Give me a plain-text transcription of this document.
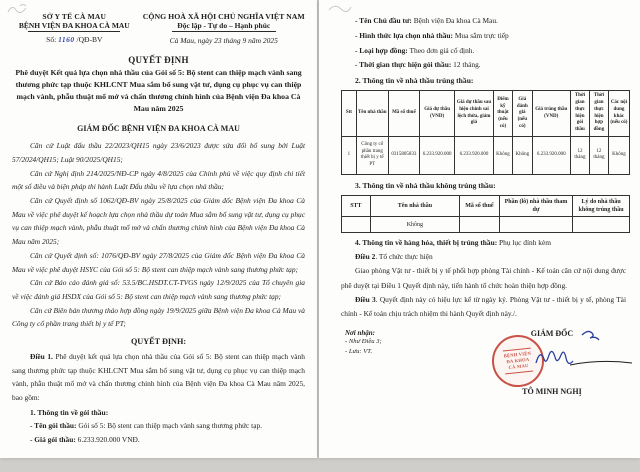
SỞ Y TẾ CÀ MAU
BỆNH VIỆN ĐA KHOA CÀ MAU
Số: 1160 /QĐ-BV
CỘNG HOÀ XÃ HỘI CHỦ NGHĨA VIỆT NAM
Độc lập - Tự do – Hạnh phúc
Cà Mau, ngày 23 tháng 9 năm 2025
QUYẾT ĐỊNH
Phê duyệt Kết quả lựa chọn nhà thầu của Gói số 5: Bộ stent can thiệp mạch vành sang thương phức tạp thuộc KHLCNT Mua sắm bổ sung vật tư, dụng cụ phục vụ can thiệp mạch vành, phẫu thuật mổ mở và chấn thương chỉnh hình của Bệnh viện Đa khoa Cà Mau năm 2025
GIÁM ĐỐC BỆNH VIỆN ĐA KHOA CÀ MAU

Căn cứ Luật đấu thầu 22/2023/QH15 ngày 23/6/2023 được sửa đổi bổ sung bởi Luật 57/2024/QH15; Luật 90/2025/QH15;

Căn cứ Nghị định 214/2025/NĐ-CP ngày 4/8/2025 của Chính phủ về việc quy định chi tiết một số điều và biện pháp thi hành Luật Đấu thầu về lựa chọn nhà thầu;

Căn cứ Quyết định số 1062/QĐ-BV ngày 25/8/2025 của Giám đốc Bệnh viện Đa khoa Cà Mau về việc phê duyệt kế hoạch lựa chọn nhà thầu dự toán Mua sắm bổ sung vật tư, dụng cụ phục vụ can thiệp mạch vành, phẫu thuật mổ mở và chấn thương chỉnh hình của Bệnh viện Đa khoa Cà Mau năm 2025;

Căn cứ Quyết định số: 1076/QĐ-BV ngày 27/8/2025 của Giám đốc Bệnh viện Đa khoa Cà Mau về việc phê duyệt HSYC của Gói số 5: Bộ stent can thiệp mạch vành sang thương phức tạp;

Căn cứ Báo cáo đánh giá số: 53.5/BC.HSDT.CT-TVGS ngày 12/9/2025 của Tổ chuyên gia về việc đánh giá HSDX của Gói số 5: Bộ stent can thiệp mạch vành sang thương phức tạp;

Căn cứ Biên bản thương thảo hợp đồng ngày 19/9/2025 giữa Bệnh viện Đa khoa Cà Mau và Công ty cổ phần trang thiết bị y tế PT;

QUYẾT ĐỊNH:

Điều 1. Phê duyệt kết quả lựa chọn nhà thầu của Gói số 5: Bộ stent can thiệp mạch vành sang thương phức tạp thuộc KHLCNT Mua sắm bổ sung vật tư, dụng cụ phục vụ can thiệp mạch vành, phẫu thuật mổ mở và chấn thương chỉnh hình của Bệnh viện Đa khoa Cà Mau năm 2025, bao gồm:

1. Thông tin về gói thầu:

- Tên gói thầu: Gói số 5: Bộ stent can thiệp mạch vành sang thương phức tạp.

- Giá gói thầu: 6.233.920.000 VNĐ.

- Tên Chủ đầu tư: Bệnh viện Đa khoa Cà Mau.

- Hình thức lựa chọn nhà thầu: Mua sắm trực tiếp

- Loại hợp đồng: Theo đơn giá cố định.

- Thời gian thực hiện gói thầu: 12 tháng.

2. Thông tin về nhà thầu trúng thầu:
Stt	Tên nhà thầu	Mã số thuế	Giá dự thầu (VND)	Giá dự thầu sau hiệu chỉnh sai lệch thừa, giảm giá	Điểm kỹ thuật (nếu có)	Giá đánh giá (nếu có)	Giá trúng thầu (VND)	Thời gian thực hiện gói thầu	Thời gian thực hiện hợp đồng	Các nội dung khác (nếu có)
1	Công ty cổ phần trang thiết bị y tế PT	0315805833	6.233.920.000	6.233.920.000	Không	Không	6.233.920.000	12 tháng	12 tháng	Không
3. Thông tin về nhà thầu không trúng thầu:
STT	Tên nhà thầu	Mã số thuế	Phần (lô) nhà thầu tham dự	Lý do nhà thầu không trúng thầu
	Không			
4. Thông tin về hàng hóa, thiết bị trúng thầu: Phụ lục đính kèm
Điều 2. Tổ chức thực hiện

Giao phòng Vật tư - thiết bị y tế phối hợp phòng Tài chính - Kế toán căn cứ nội dung được phê duyệt tại Điều 1 Quyết định này, tiến hành tổ chức hoàn thiện hợp đồng.

Điều 3. Quyết định này có hiệu lực kể từ ngày ký. Phòng Vật tư - thiết bị y tế, phòng Tài chính - Kế toán chịu trách nhiệm thi hành Quyết định này./.

Nơi nhận:
- Như Điều 3;
- Lưu: VT.
GIÁM ĐỐC
BỆNH VIỆN
ĐA KHOA
CÀ MAU
TÔ MINH NGHỊ
